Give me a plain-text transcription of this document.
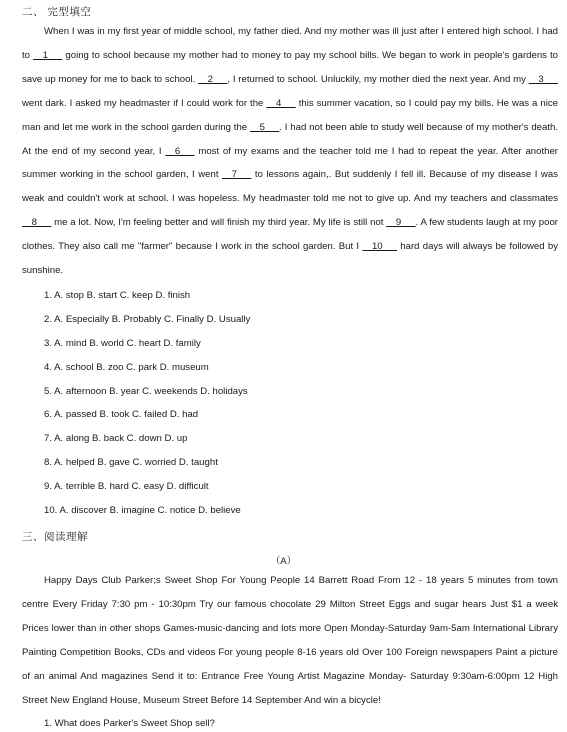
二、 完型填空

When I was in my first year of middle school, my father died. And my mother was ill just after I entered high school. I had to   1    going to school because my mother had to money to pay my school bills. We began to work in people's gardens to save up money for me to back to school.   2   , I returned to school. Unluckily, my mother died the next year. And my   3   went dark. I asked my headmaster if I could work for the   4    this summer vacation, so I could pay my bills. He was a nice man and let me work in the school garden during the   5   . I had not been able to study well because of my mother's death. At the end of my second year, I   6    most of my exams and the teacher told me I had to repeat the year. After another summer working in the school garden, I went   7    to lessons again,. But suddenly I fell ill. Because of my disease I was weak and couldn't work at school. I was hopeless. My headmaster told me not to give up. And my teachers and classmates   8    me a lot. Now, I'm feeling better and will finish my third year. My life is still not   9   . A few students laugh at my poor clothes. They also call me "farmer" because I work in the school garden. But I   10    hard days will always be followed by sunshine.

1. A. stop B. start C. keep D. finish
2. A. Especially B. Probably C. Finally D. Usually
3. A. mind B. world C. heart D. family
4. A. school B. zoo C. park D. museum
5. A. afternoon B. year C. weekends D. holidays
6. A. passed B. took C. failed D. had
7. A. along B. back C. down D. up
8. A. helped B. gave C. worried D. taught
9. A. terrible B. hard C. easy D. difficult
10. A. discover B. imagine C. notice D. believe
三、阅读理解
（A）

Happy Days Club Parker;s Sweet Shop For Young People 14 Barrett Road From 12 - 18 years 5 minutes from town centre Every Friday 7:30 pm - 10:30pm Try our famous chocolate 29 Milton Street Eggs and sugar hears Just $1 a week Prices lower than in other shops Games-music-dancing and lots more Open Monday-Saturday 9am-5am International Library Painting Competition Books, CDs and videos For young people 8-16 years old Over 100 Foreign newspapers Paint a picture of an animal And magazines Send it to: Entrance Free Young Artist Magazine Monday- Saturday 9:30am-6:00pm 12 High Street New England House, Museum Street Before 14 September And win a bicycle!

1. What does Parker's Sweet Shop sell?
